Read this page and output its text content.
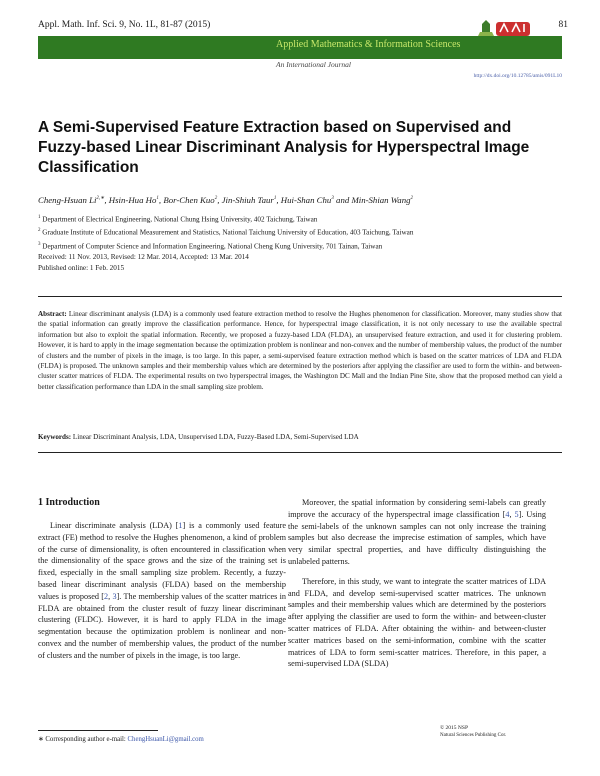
Appl. Math. Inf. Sci. 9, No. 1L, 81-87 (2015)	81
Applied Mathematics & Information Sciences
An International Journal
http://dx.doi.org/10.12785/amis/091L10
A Semi-Supervised Feature Extraction based on Supervised and Fuzzy-based Linear Discriminant Analysis for Hyperspectral Image Classification
Cheng-Hsuan $Li^{2,∗}$, Hsin-Hua Ho$^1$, Bor-Chen Kuo$^2$, Jin-Shiuh Taur$^1$, Hui-Shan Chu$^3$ and Min-Shian Wang$^2$
$^1$ Department of Electrical Engineering, National Chung Hsing University, 402 Taichung, Taiwan
$^2$ Graduate Institute of Educational Measurement and Statistics, National Taichung University of Education, 403 Taichung, Taiwan
$^3$ Department of Computer Science and Information Engineering, National Cheng Kung University, 701 Tainan, Taiwan
Received: 11 Nov. 2013, Revised: 12 Mar. 2014, Accepted: 13 Mar. 2014
Published online: 1 Feb. 2015
Abstract: Linear discriminant analysis (LDA) is a commonly used feature extraction method to resolve the Hughes phenomenon for classification. Moreover, many studies show that the spatial information can greatly improve the classification performance. Hence, for hyperspectral image classification, it is not only necessary to use the available spectral information but also to exploit the spatial information. Recently, we proposed a fuzzy-based LDA (FLDA), an unsupervised feature extraction, and used it for clustering problem. However, it is hard to apply in the image segmentation because the optimization problem is nonlinear and non-convex and the number of membership values, the product of the number of clusters and the number of pixels in the image, is too large. In this paper, a semi-supervised feature extraction method which is based on the scatter matrices of LDA and FLDA (FLDA) is proposed. The unknown samples and their membership values which are determined by the posteriors after applying the classifier are used to form the within- and between-cluster scatter matrices of FLDA. The experimental results on two hyperspectral images, the Washington DC Mall and the Indian Pine Site, show that the proposed method can yield a better classification performance than LDA in the small sampling size problem.
Keywords: Linear Discriminant Analysis, LDA, Unsupervised LDA, Fuzzy-Based LDA, Semi-Supervised LDA
1 Introduction

Linear discriminate analysis (LDA) [1] is a commonly used feature extract (FE) method to resolve the Hughes phenomenon, a kind of problem of the curse of dimensionality, is often encountered in classification when the dimensionality of the space grows and the size of the training set is fixed, especially in the small sampling size problem. Recently, a fuzzy-based linear discriminant analysis (FLDA) based on the membership values is proposed [2, 3]. The membership values of the scatter matrices in FLDA are obtained from the cluster result of fuzzy linear discriminant clustering (FLDC). However, it is hard to apply FLDA in the image segmentation because the optimization problem is nonlinear and non-convex and the number of membership values, the product of the number of clusters and the number of pixels in the image, is too large.

Moreover, the spatial information by considering semi-labels can greatly improve the accuracy of the hyperspectral image classification [4, 5]. Using the semi-labels of the unknown samples can not only increase the training samples but also decrease the imprecise estimation of samples, which have very similar spectral properties, and have difficulty distinguishing the unlabeled patterns.

Therefore, in this study, we want to integrate the scatter matrices of LDA and FLDA, and develop semi-supervised scatter matrices. The unknown samples and their membership values which are determined by the posteriors after applying the classifier are used to form the within- and between-cluster scatter matrices of FLDA. After obtaining the within- and between-cluster scatter matrices based on the semi-information, combine with the scatter matrices of LDA to form semi-scatter matrices. Therefore, in this paper, a semi-supervised LDA (SLDA)

∗ Corresponding author e-mail: ChengHsuanLi@gmail.com
© 2015 NSP
Natural Sciences Publishing Cor.
